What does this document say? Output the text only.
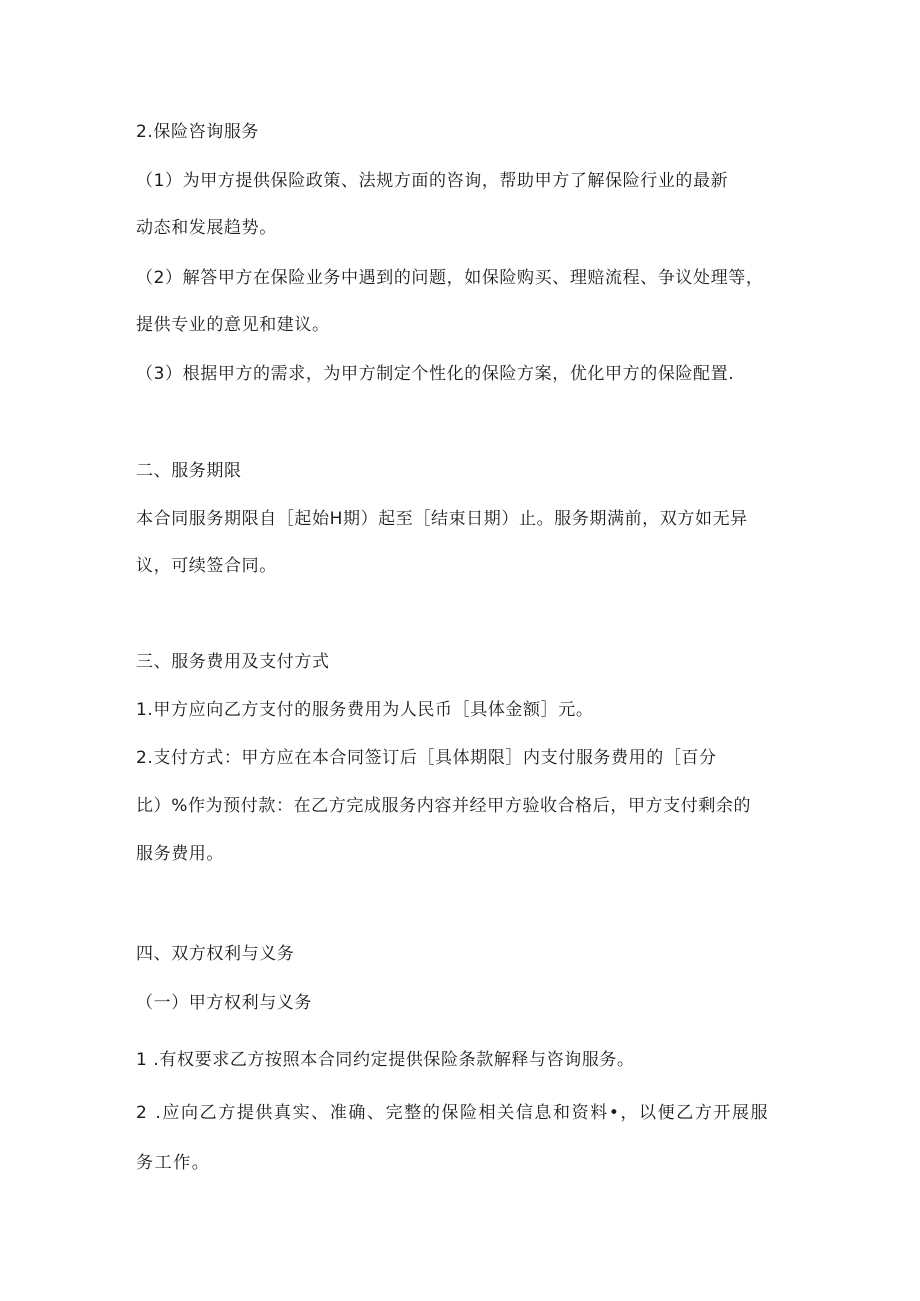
2.保险咨询服务
（1）为甲方提供保险政策、法规方面的咨询，帮助甲方了解保险行业的最新
动态和发展趋势。
（2）解答甲方在保险业务中遇到的问题，如保险购买、理赔流程、争议处理等，
提供专业的意见和建议。
（3）根据甲方的需求，为甲方制定个性化的保险方案，优化甲方的保险配置.
二、服务期限
本合同服务期限自［起始H期）起至［结束日期）止。服务期满前，双方如无异
议，可续签合同。
三、服务费用及支付方式
1.甲方应向乙方支付的服务费用为人民币［具体金额］元。
2.支付方式：甲方应在本合同签订后［具体期限］内支付服务费用的［百分
比）%作为预付款：在乙方完成服务内容并经甲方验收合格后，甲方支付剩余的
服务费用。
四、双方权利与义务
（一）甲方权利与义务
1 .有权要求乙方按照本合同约定提供保险条款解释与咨询服务。
2 .应向乙方提供真实、准确、完整的保险相关信息和资料•，以便乙方开展服
务工作。
